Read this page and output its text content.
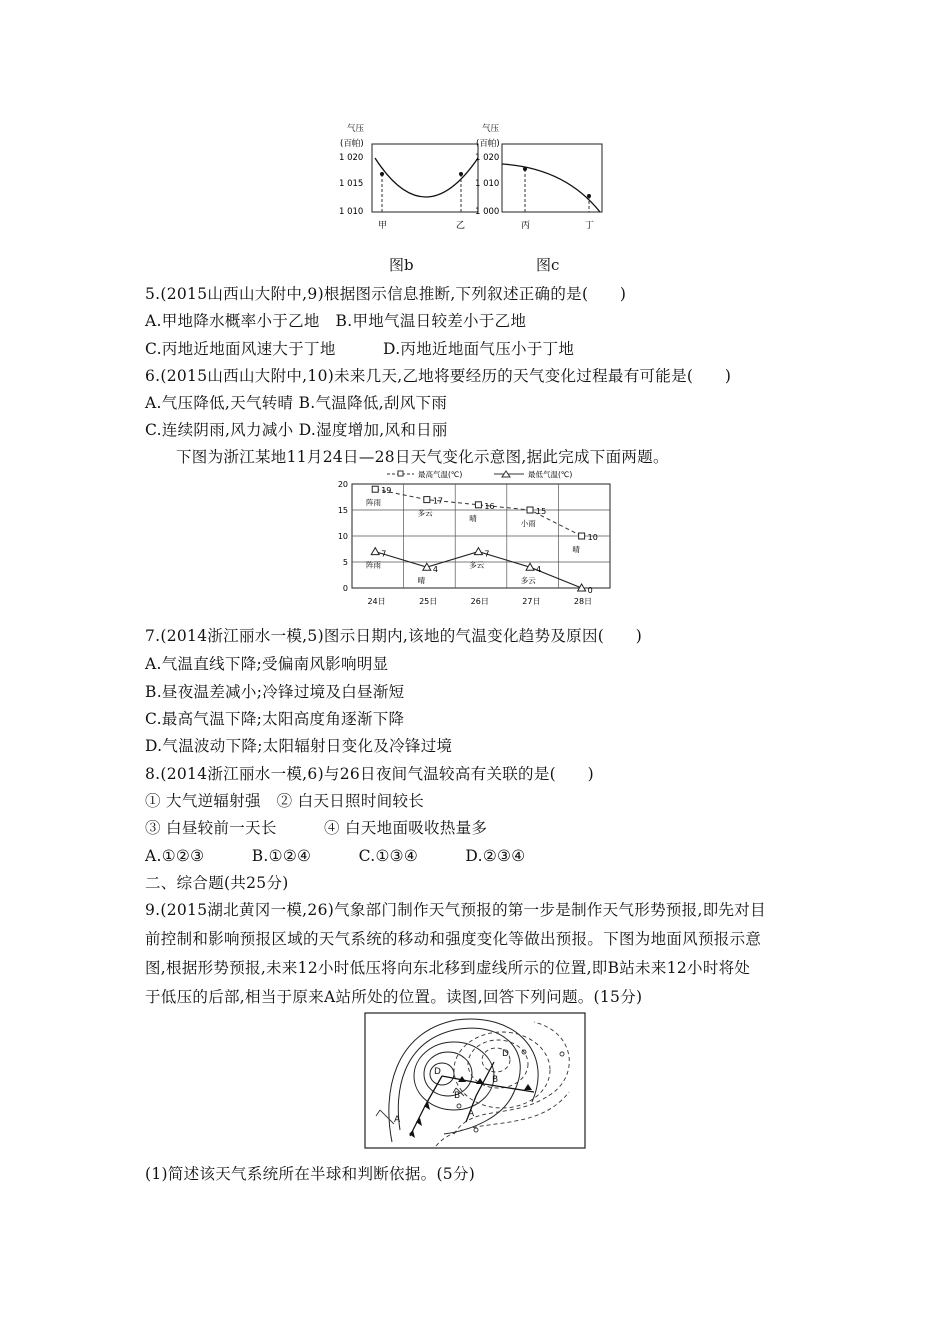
气压
(百帕)
1 020
1 015
1 010
甲	乙
气压
(百帕)
1 020
1 010
1 000
丙	丁
图b	图c
5.(2015山西山大附中,9)根据图示信息推断,下列叙述正确的是(　　)
A.甲地降水概率小于乙地　B.甲地气温日较差小于乙地
C.丙地近地面风速大于丁地　　　D.丙地近地面气压小于丁地
6.(2015山西山大附中,10)未来几天,乙地将要经历的天气变化过程最有可能是(　　)
A.气压降低,天气转晴 B.气温降低,刮风下雨
C.连续阴雨,风力减小 D.湿度增加,风和日丽
下图为浙江某地11月24日—28日天气变化示意图,据此完成下面两题。
最高气温(℃)	最低气温(℃)
20
15
10
5
0
24日	25日	26日	27日	28日
19
17
16
15
10
7
4
7
4
0
阵雨
多云
晴
小雨
晴
阵雨
晴
多云
多云
7.(2014浙江丽水一模,5)图示日期内,该地的气温变化趋势及原因(　　)
A.气温直线下降;受偏南风影响明显
B.昼夜温差减小;冷锋过境及白昼渐短
C.最高气温下降;太阳高度角逐渐下降
D.气温波动下降;太阳辐射日变化及冷锋过境
8.(2014浙江丽水一模,6)与26日夜间气温较高有关联的是(　　)
① 大气逆辐射强　② 白天日照时间较长
③ 白昼较前一天长　　　④ 白天地面吸收热量多
A.①②③　　　B.①②④　　　C.①③④　　　D.②③④
二、综合题(共25分)
9.(2015湖北黄冈一模,26)气象部门制作天气预报的第一步是制作天气形势预报,即先对目
前控制和影响预报区域的天气系统的移动和强度变化等做出预报。下图为地面风预报示意
图,根据形势预报,未来12小时低压将向东北移到虚线所示的位置,即B站未来12小时将处
于低压的后部,相当于原来A站所处的位置。读图,回答下列问题。(15分)
D
B
A
D
B
A
(1)简述该天气系统所在半球和判断依据。(5分)
